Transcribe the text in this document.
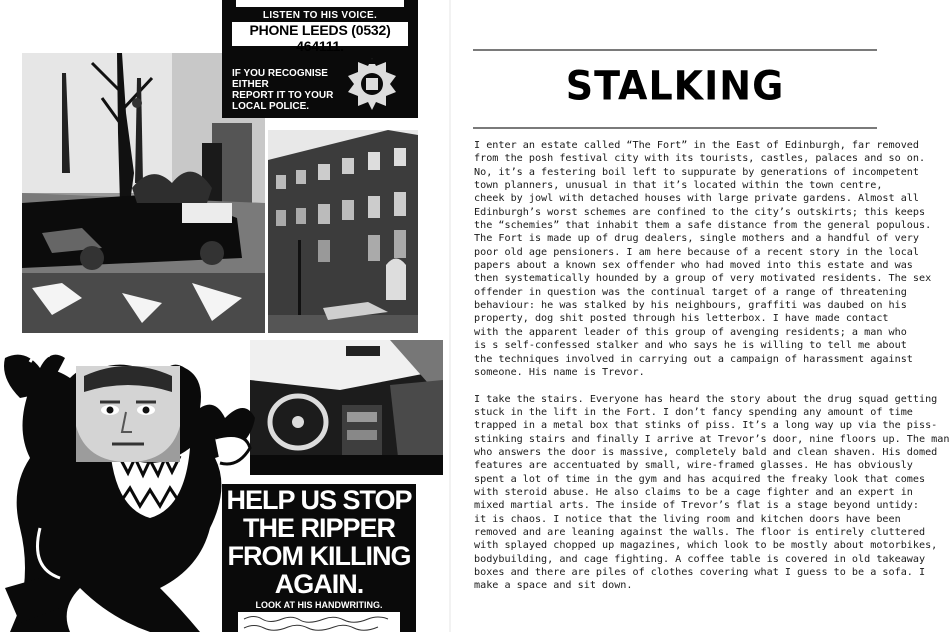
LISTEN TO HIS VOICE.
PHONE LEEDS (0532) 464111.
IF YOU RECOGNISE EITHER
REPORT IT TO YOUR
LOCAL POLICE.
HELP US STOP
THE RIPPER
FROM KILLING
AGAIN.
LOOK AT HIS HANDWRITING.
STALKING
I enter an estate called “The Fort” in the East of Edinburgh, far removed
from the posh festival city with its tourists, castles, palaces and so on.
No, it’s a festering boil left to suppurate by generations of incompetent
town planners, unusual in that it’s located within the town centre,
cheek by jowl with detached houses with large private gardens. Almost all
Edinburgh’s worst schemes are confined to the city’s outskirts; this keeps
the “schemies” that inhabit them a safe distance from the general populous.
The Fort is made up of drug dealers, single mothers and a handful of very
poor old age pensioners. I am here because of a recent story in the local
papers about a known sex offender who had moved into this estate and was
then systematically hounded by a group of very motivated residents. The sex
offender in question was the continual target of a range of threatening
behaviour: he was stalked by his neighbours, graffiti was daubed on his
property, dog shit posted through his letterbox. I have made contact
with the apparent leader of this group of avenging residents; a man who
is s self-confessed stalker and who says he is willing to tell me about
the techniques involved in carrying out a campaign of harassment against
someone. His name is Trevor.
I take the stairs. Everyone has heard the story about the drug squad getting
stuck in the lift in the Fort. I don’t fancy spending any amount of time
trapped in a metal box that stinks of piss. It’s a long way up via the piss-
stinking stairs and finally I arrive at Trevor’s door, nine floors up. The man
who answers the door is massive, completely bald and clean shaven. His domed
features are accentuated by small, wire-framed glasses. He has obviously
spent a lot of time in the gym and has acquired the freaky look that comes
with steroid abuse. He also claims to be a cage fighter and an expert in
mixed martial arts. The inside of Trevor’s flat is a stage beyond untidy:
it is chaos. I notice that the living room and kitchen doors have been
removed and are leaning against the walls. The floor is entirely cluttered
with splayed chopped up magazines, which look to be mostly about motorbikes,
bodybuilding, and cage fighting. A coffee table is covered in old takeaway
boxes and there are piles of clothes covering what I guess to be a sofa. I
make a space and sit down.
